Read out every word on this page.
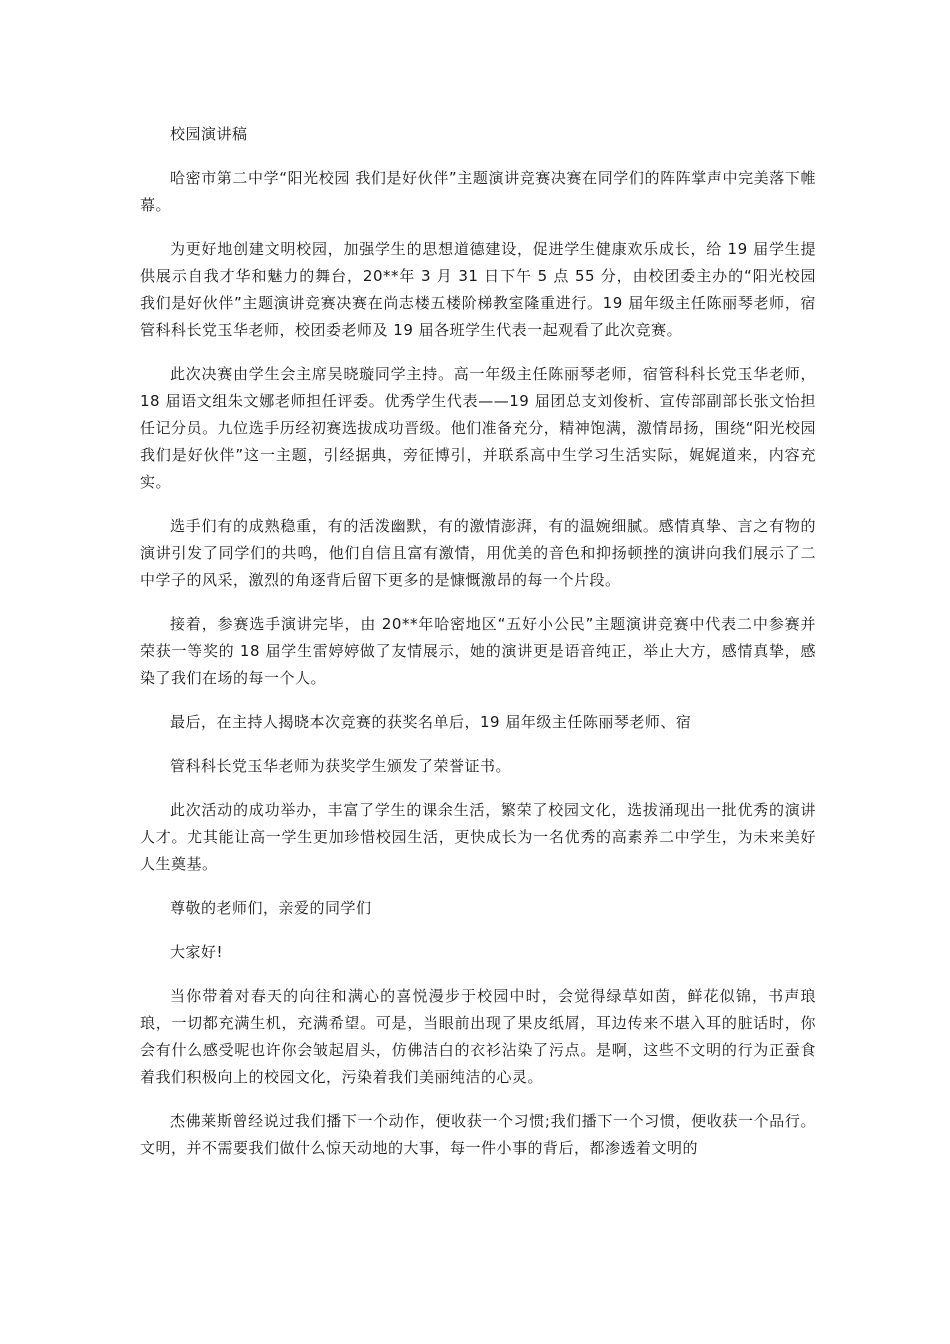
校园演讲稿

哈密市第二中学“阳光校园 我们是好伙伴”主题演讲竞赛决赛在同学们的阵阵掌声中完美落下帷幕。

为更好地创建文明校园，加强学生的思想道德建设，促进学生健康欢乐成长，给 19 届学生提供展示自我才华和魅力的舞台，20**年 3 月 31 日下午 5 点 55 分，由校团委主办的“阳光校园 我们是好伙伴”主题演讲竞赛决赛在尚志楼五楼阶梯教室隆重进行。19 届年级主任陈丽琴老师，宿管科科长党玉华老师，校团委老师及 19 届各班学生代表一起观看了此次竞赛。

此次决赛由学生会主席吴晓璇同学主持。高一年级主任陈丽琴老师，宿管科科长党玉华老师，18 届语文组朱文娜老师担任评委。优秀学生代表——19 届团总支刘俊析、宣传部副部长张文怡担任记分员。九位选手历经初赛选拔成功晋级。他们准备充分，精神饱满，激情昂扬，围绕“阳光校园我们是好伙伴”这一主题，引经据典，旁征博引，并联系高中生学习生活实际，娓娓道来，内容充实。

选手们有的成熟稳重，有的活泼幽默，有的激情澎湃，有的温婉细腻。感情真挚、言之有物的演讲引发了同学们的共鸣，他们自信且富有激情，用优美的音色和抑扬顿挫的演讲向我们展示了二中学子的风采，激烈的角逐背后留下更多的是慷慨激昂的每一个片段。

接着，参赛选手演讲完毕，由 20**年哈密地区“五好小公民”主题演讲竞赛中代表二中参赛并荣获一等奖的 18 届学生雷婷婷做了友情展示，她的演讲更是语音纯正，举止大方，感情真挚，感染了我们在场的每一个人。

最后，在主持人揭晓本次竞赛的获奖名单后，19 届年级主任陈丽琴老师、宿

管科科长党玉华老师为获奖学生颁发了荣誉证书。

此次活动的成功举办，丰富了学生的课余生活，繁荣了校园文化，选拔涌现出一批优秀的演讲人才。尤其能让高一学生更加珍惜校园生活，更快成长为一名优秀的高素养二中学生，为未来美好人生奠基。

尊敬的老师们，亲爱的同学们

大家好!

当你带着对春天的向往和满心的喜悦漫步于校园中时，会觉得绿草如茵，鲜花似锦，书声琅琅，一切都充满生机，充满希望。可是，当眼前出现了果皮纸屑，耳边传来不堪入耳的脏话时，你会有什么感受呢也许你会皱起眉头，仿佛洁白的衣衫沾染了污点。是啊，这些不文明的行为正蚕食着我们积极向上的校园文化，污染着我们美丽纯洁的心灵。

杰佛莱斯曾经说过我们播下一个动作，便收获一个习惯;我们播下一个习惯，便收获一个品行。文明，并不需要我们做什么惊天动地的大事，每一件小事的背后，都渗透着文明的
